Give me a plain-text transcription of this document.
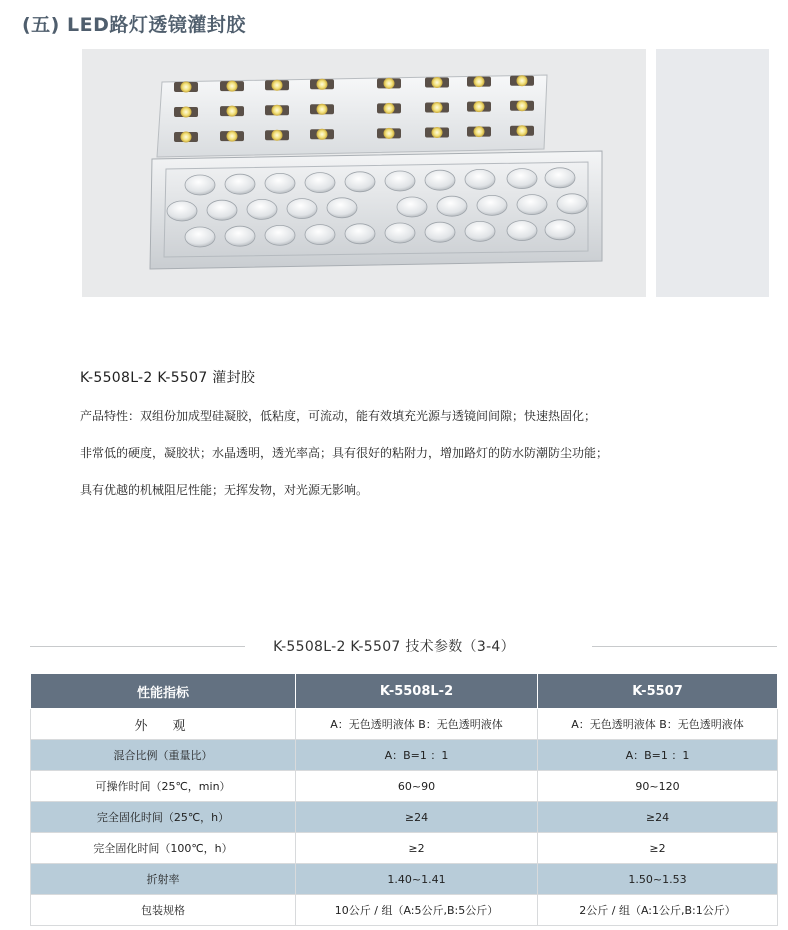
(五) LED路灯透镜灌封胶
K-5508L-2 K-5507 灌封胶
产品特性：双组份加成型硅凝胶，低粘度，可流动，能有效填充光源与透镜间间隙；快速热固化；
非常低的硬度，凝胶状；水晶透明，透光率高；具有很好的粘附力，增加路灯的防水防潮防尘功能；
具有优越的机械阻尼性能；无挥发物，对光源无影响。
K-5508L-2 K-5507 技术参数（3-4）
性能指标	K-5508L-2	K-5507
外　观	A：无色透明液体 B：无色透明液体	A：无色透明液体 B：无色透明液体
混合比例（重量比）	A：B=1 ：1	A：B=1 ：1
可操作时间（25℃，min）	60~90	90~120
完全固化时间（25℃，h）	≥24	≥24
完全固化时间（100℃，h）	≥2	≥2
折射率	1.40~1.41	1.50~1.53
包装规格	10公斤 / 组（A:5公斤,B:5公斤）	2公斤 / 组（A:1公斤,B:1公斤）
